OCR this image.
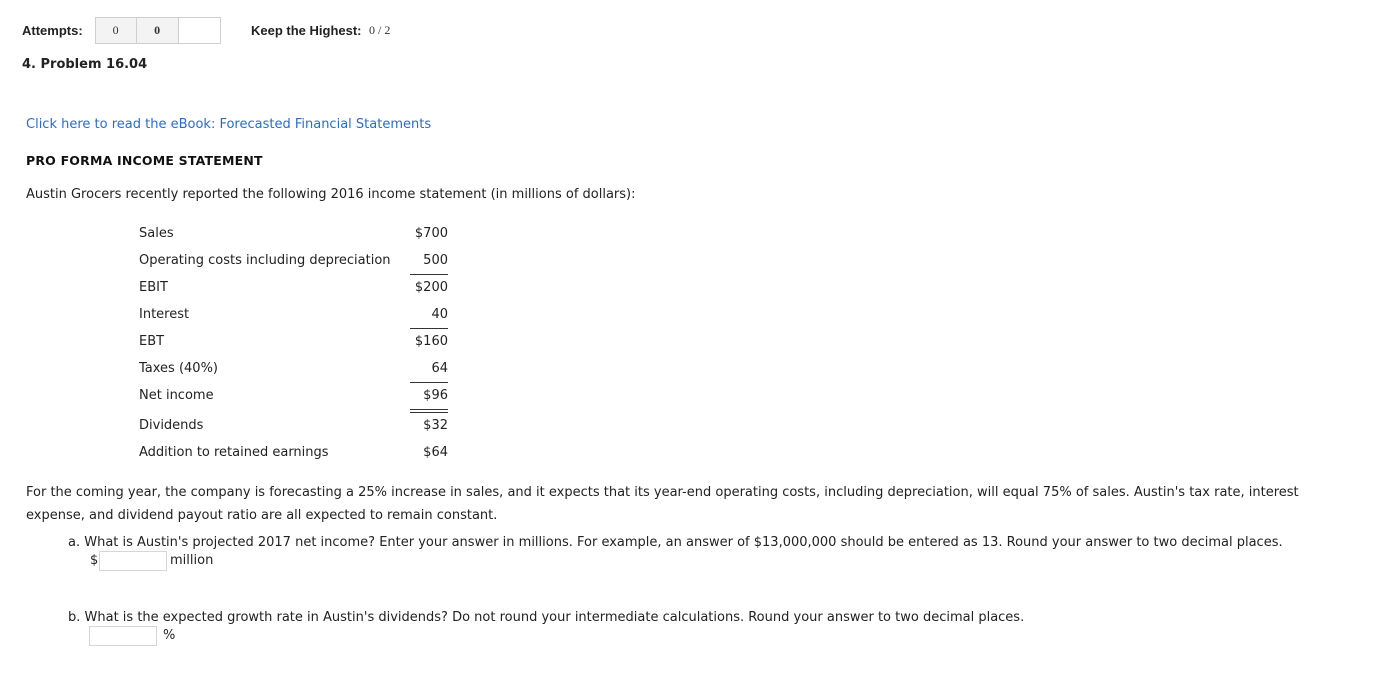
Attempts:	0	0	Keep the Highest: 0 / 2
4. Problem 16.04
Click here to read the eBook: Forecasted Financial Statements
PRO FORMA INCOME STATEMENT
Austin Grocers recently reported the following 2016 income statement (in millions of dollars):
Sales	$700
Operating costs including depreciation	500
EBIT	$200
Interest	40
EBT	$160
Taxes (40%)	64
Net income	$96
Dividends	$32
Addition to retained earnings	$64
For the coming year, the company is forecasting a 25% increase in sales, and it expects that its year-end operating costs, including depreciation, will equal 75% of sales. Austin's tax rate, interest expense, and dividend payout ratio are all expected to remain constant.
a. What is Austin's projected 2017 net income? Enter your answer in millions. For example, an answer of $13,000,000 should be entered as 13. Round your answer to two decimal places.
$	million
b. What is the expected growth rate in Austin's dividends? Do not round your intermediate calculations. Round your answer to two decimal places.
%
